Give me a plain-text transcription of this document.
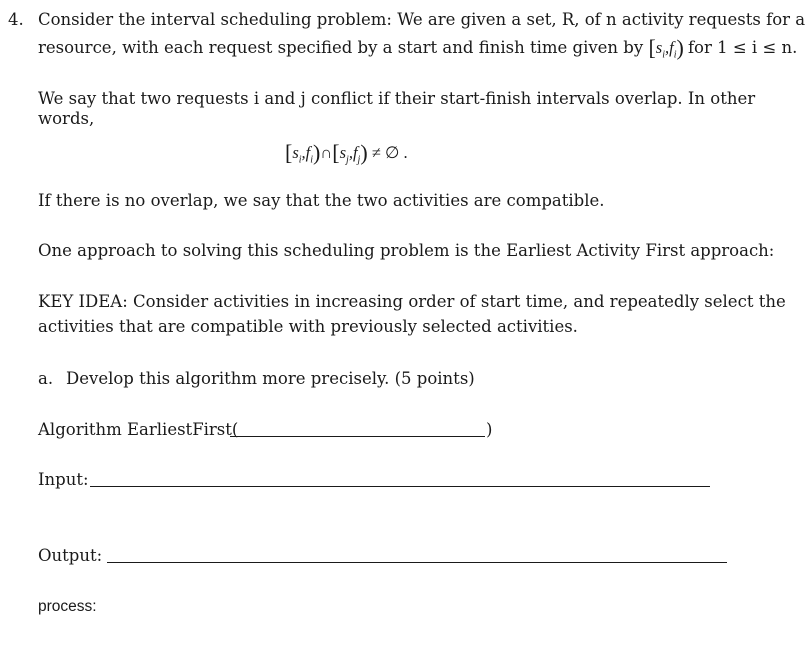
4. Consider the interval scheduling problem: We are given a set, R, of n activity requests for a
resource, with each request specified by a start and finish time given by $[s_i,f_i)$ for 1 ≤ i ≤ n.
We say that two requests i and j conflict if their start-finish intervals overlap. In other
words,
$[s_i,f_i)\cap[s_j,f_j)$ ≠ ∅ .
If there is no overlap, we say that the two activities are compatible.
One approach to solving this scheduling problem is the Earliest Activity First approach:
KEY IDEA: Consider activities in increasing order of start time, and repeatedly select the
activities that are compatible with previously selected activities.
a. Develop this algorithm more precisely. (5 points)
Algorithm EarliestFirst(	)
Input:
Output:
process:
